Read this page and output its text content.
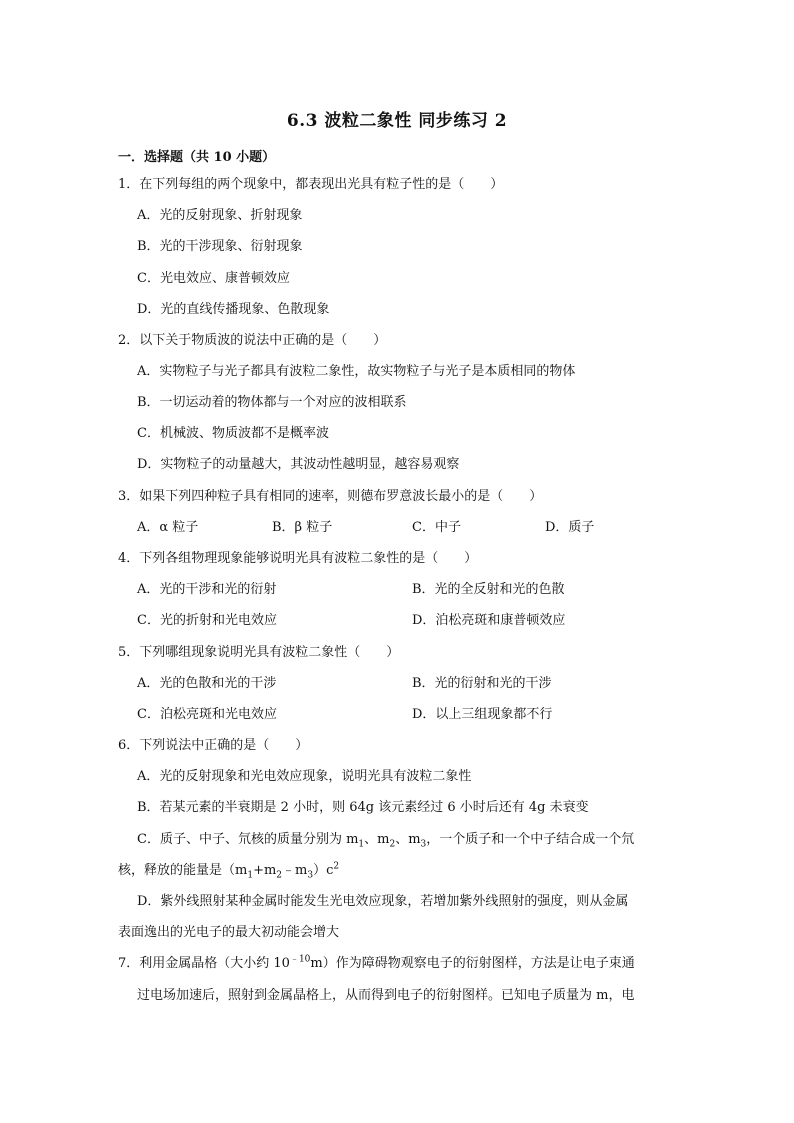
6.3 波粒二象性 同步练习 2
一．选择题（共 10 小题）
1．在下列每组的两个现象中，都表现出光具有粒子性的是（　　）
A．光的反射现象、折射现象
B．光的干涉现象、衍射现象
C．光电效应、康普顿效应
D．光的直线传播现象、色散现象
2．以下关于物质波的说法中正确的是（　　）
A．实物粒子与光子都具有波粒二象性，故实物粒子与光子是本质相同的物体
B．一切运动着的物体都与一个对应的波相联系
C．机械波、物质波都不是概率波
D．实物粒子的动量越大，其波动性越明显，越容易观察
3．如果下列四种粒子具有相同的速率，则德布罗意波长最小的是（　　）
A．α 粒子	B．β 粒子	C．中子	D．质子
4．下列各组物理现象能够说明光具有波粒二象性的是（　　）
A．光的干涉和光的衍射	B．光的全反射和光的色散
C．光的折射和光电效应	D．泊松亮斑和康普顿效应
5．下列哪组现象说明光具有波粒二象性（　　）
A．光的色散和光的干涉	B．光的衍射和光的干涉
C．泊松亮斑和光电效应	D．以上三组现象都不行
6．下列说法中正确的是（　　）
A．光的反射现象和光电效应现象，说明光具有波粒二象性
B．若某元素的半衰期是 2 小时，则 64g 该元素经过 6 小时后还有 4g 未衰变
C．质子、中子、氘核的质量分别为 $m_1$、$m_2$、$m_3$，一个质子和一个中子结合成一个氘
核，释放的能量是$(m_1+m_2﹣m_3)c^2$
D．紫外线照射某种金属时能发生光电效应现象，若增加紫外线照射的强度，则从金属
表面逸出的光电子的最大初动能会增大
7．利用金属晶格（大小约 $10^{﹣10}m$）作为障碍物观察电子的衍射图样，方法是让电子束通
过电场加速后，照射到金属晶格上，从而得到电子的衍射图样。已知电子质量为 m，电
